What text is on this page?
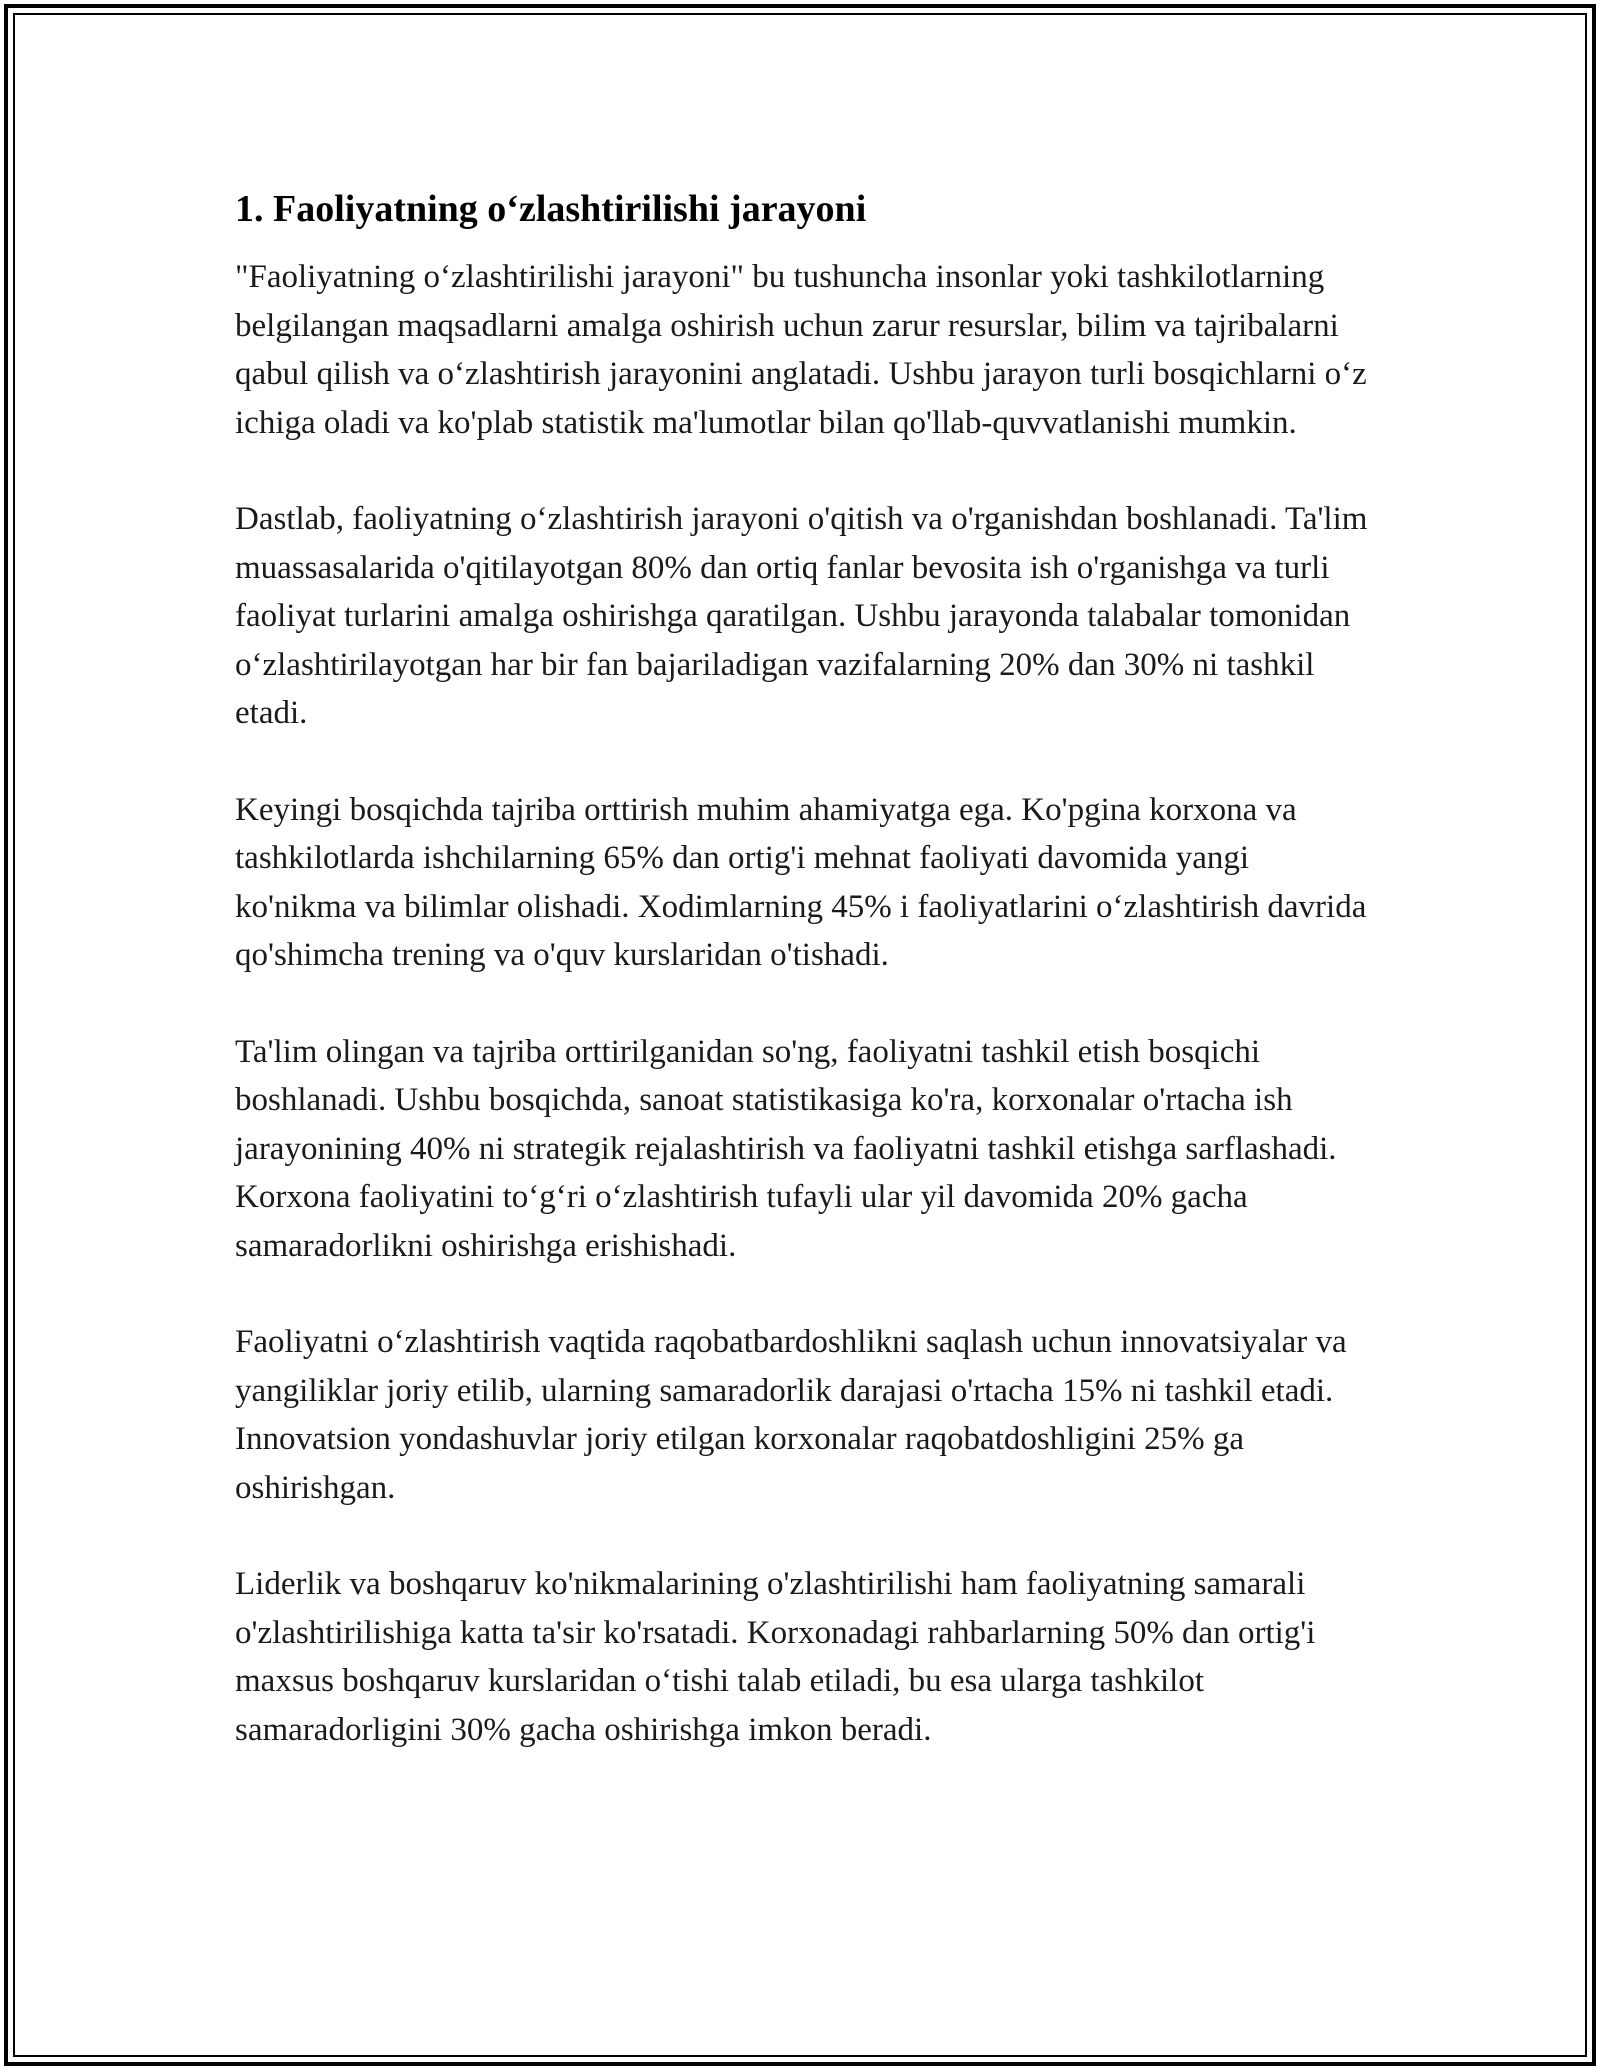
1. Faoliyatning o‘zlashtirilishi jarayoni

"Faoliyatning o‘zlashtirilishi jarayoni" bu tushuncha insonlar yoki tashkilotlarning belgilangan maqsadlarni amalga oshirish uchun zarur resurslar, bilim va tajribalarni qabul qilish va o‘zlashtirish jarayonini anglatadi. Ushbu jarayon turli bosqichlarni o‘z ichiga oladi va ko'plab statistik ma'lumotlar bilan qo'llab-quvvatlanishi mumkin.

Dastlab, faoliyatning o‘zlashtirish jarayoni o'qitish va o'rganishdan boshlanadi. Ta'lim muassasalarida o'qitilayotgan 80% dan ortiq fanlar bevosita ish o'rganishga va turli faoliyat turlarini amalga oshirishga qaratilgan. Ushbu jarayonda talabalar tomonidan o‘zlashtirilayotgan har bir fan bajariladigan vazifalarning 20% dan 30% ni tashkil etadi.

Keyingi bosqichda tajriba orttirish muhim ahamiyatga ega. Ko'pgina korxona va tashkilotlarda ishchilarning 65% dan ortig'i mehnat faoliyati davomida yangi ko'nikma va bilimlar olishadi. Xodimlarning 45% i faoliyatlarini o‘zlashtirish davrida qo'shimcha trening va o'quv kurslaridan o'tishadi.

Ta'lim olingan va tajriba orttirilganidan so'ng, faoliyatni tashkil etish bosqichi boshlanadi. Ushbu bosqichda, sanoat statistikasiga ko'ra, korxonalar o'rtacha ish jarayonining 40% ni strategik rejalashtirish va faoliyatni tashkil etishga sarflashadi. Korxona faoliyatini to‘g‘ri o‘zlashtirish tufayli ular yil davomida 20% gacha samaradorlikni oshirishga erishishadi.

Faoliyatni o‘zlashtirish vaqtida raqobatbardoshlikni saqlash uchun innovatsiyalar va yangiliklar joriy etilib, ularning samaradorlik darajasi o'rtacha 15% ni tashkil etadi. Innovatsion yondashuvlar joriy etilgan korxonalar raqobatdoshligini 25% ga oshirishgan.

Liderlik va boshqaruv ko'nikmalarining o'zlashtirilishi ham faoliyatning samarali o'zlashtirilishiga katta ta'sir ko'rsatadi. Korxonadagi rahbarlarning 50% dan ortig'i maxsus boshqaruv kurslaridan o‘tishi talab etiladi, bu esa ularga tashkilot samaradorligini 30% gacha oshirishga imkon beradi.
